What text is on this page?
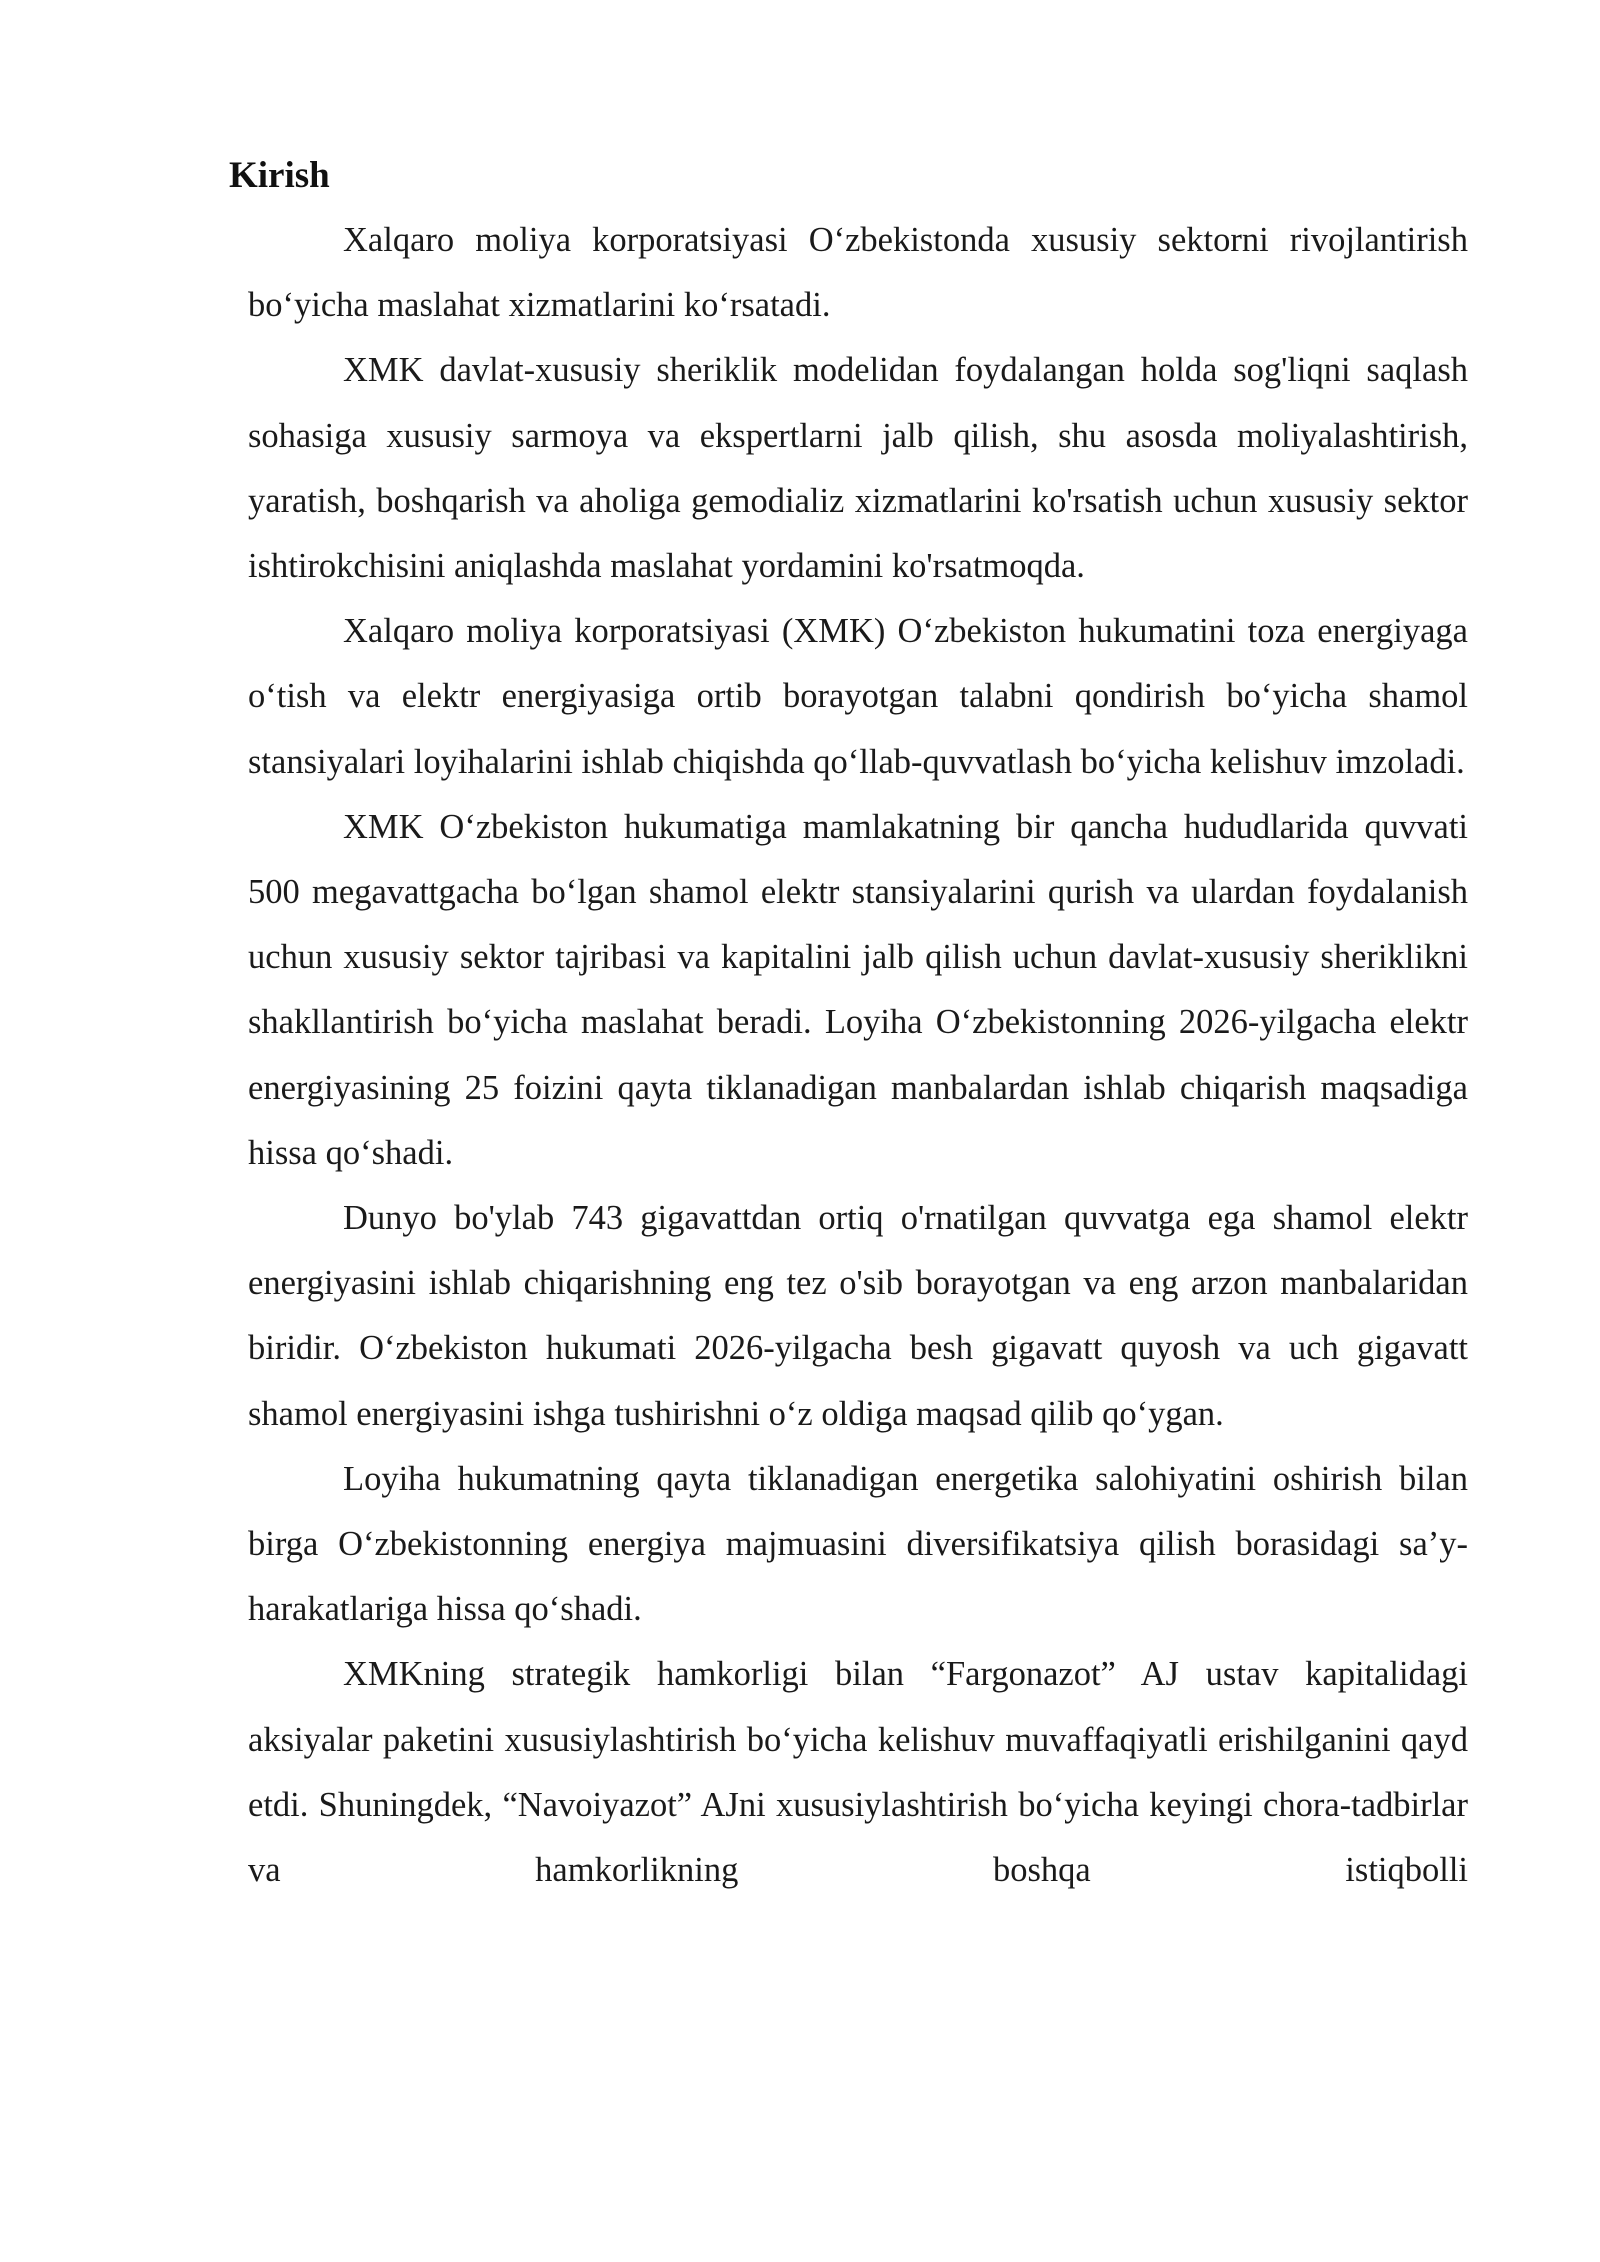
Kirish

Xalqaro moliya korporatsiyasi O‘zbekistonda xususiy sektorni rivojlantirish bo‘yicha maslahat xizmatlarini ko‘rsatadi.

XMK davlat-xususiy sheriklik modelidan foydalangan holda sog'liqni saqlash sohasiga xususiy sarmoya va ekspertlarni jalb qilish, shu asosda moliyalashtirish, yaratish, boshqarish va aholiga gemodializ xizmatlarini ko'rsatish uchun xususiy sektor ishtirokchisini aniqlashda maslahat yordamini ko'rsatmoqda.

Xalqaro moliya korporatsiyasi (XMK) O‘zbekiston hukumatini toza energiyaga o‘tish va elektr energiyasiga ortib borayotgan talabni qondirish bo‘yicha shamol stansiyalari loyihalarini ishlab chiqishda qo‘llab-quvvatlash bo‘yicha kelishuv imzoladi.

XMK O‘zbekiston hukumatiga mamlakatning bir qancha hududlarida quvvati 500 megavattgacha bo‘lgan shamol elektr stansiyalarini qurish va ulardan foydalanish uchun xususiy sektor tajribasi va kapitalini jalb qilish uchun davlat-xususiy sheriklikni shakllantirish bo‘yicha maslahat beradi. Loyiha O‘zbekistonning 2026-yilgacha elektr energiyasining 25 foizini qayta tiklanadigan manbalardan ishlab chiqarish maqsadiga hissa qo‘shadi.

Dunyo bo'ylab 743 gigavattdan ortiq o'rnatilgan quvvatga ega shamol elektr energiyasini ishlab chiqarishning eng tez o'sib borayotgan va eng arzon manbalaridan biridir. O‘zbekiston hukumati 2026-yilgacha besh gigavatt quyosh va uch gigavatt shamol energiyasini ishga tushirishni o‘z oldiga maqsad qilib qo‘ygan.

Loyiha hukumatning qayta tiklanadigan energetika salohiyatini oshirish bilan birga O‘zbekistonning energiya majmuasini diversifikatsiya qilish borasidagi sa’y-harakatlariga hissa qo‘shadi.

XMKning strategik hamkorligi bilan “Fargonazot” AJ ustav kapitalidagi aksiyalar paketini xususiylashtirish bo‘yicha kelishuv muvaffaqiyatli erishilganini qayd etdi. Shuningdek, “Navoiyazot” AJni xususiylashtirish bo‘yicha keyingi chora-tadbirlar va hamkorlikning boshqa istiqbolli
